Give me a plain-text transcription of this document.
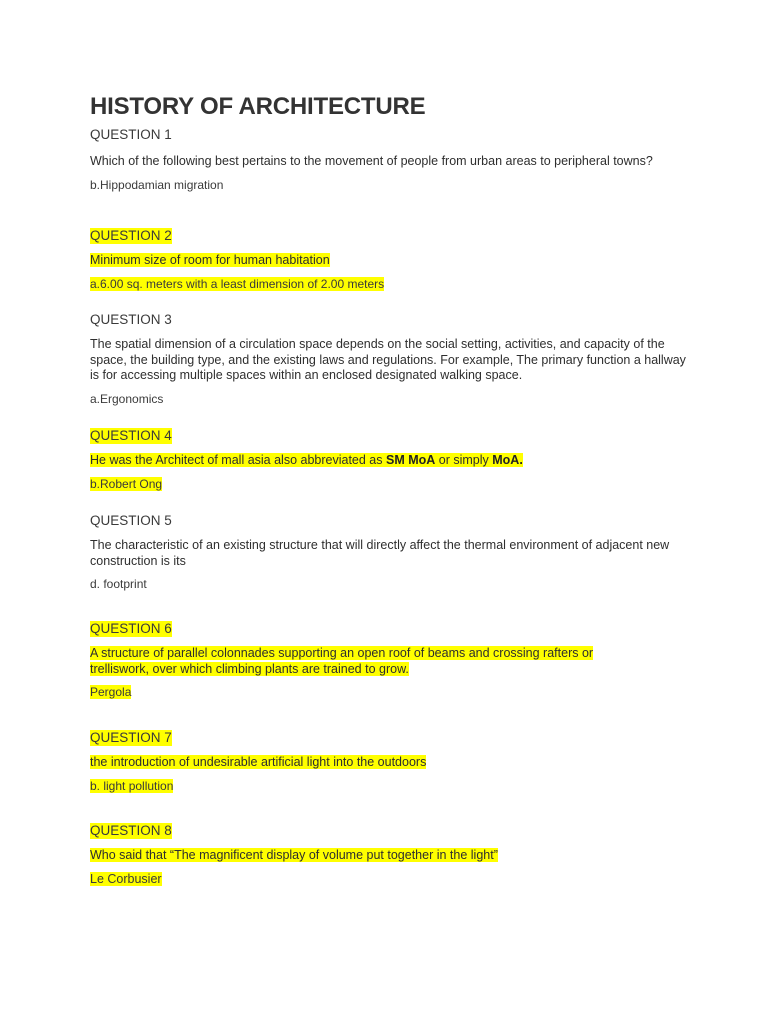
HISTORY OF ARCHITECTURE
QUESTION 1

Which of the following best pertains to the movement of people from urban areas to peripheral towns?

b.Hippodamian migration

QUESTION 2

Minimum size of room for human habitation

a.6.00 sq. meters with a least dimension of 2.00 meters

QUESTION 3

The spatial dimension of a circulation space depends on the social setting, activities, and capacity of the space, the building type, and the existing laws and regulations. For example, The primary function a hallway is for accessing multiple spaces within an enclosed designated walking space.

a.Ergonomics

QUESTION 4

He was the Architect of mall asia also abbreviated as SM MoA or simply MoA.

b.Robert Ong

QUESTION 5

The characteristic of an existing structure that will directly affect the thermal environment of adjacent new construction is its

d. footprint

QUESTION 6

A structure of parallel colonnades supporting an open roof of beams and crossing rafters or trelliswork, over which climbing plants are trained to grow.

Pergola

QUESTION 7

the introduction of undesirable artificial light into the outdoors

b. light pollution

QUESTION 8

Who said that “The magnificent display of volume put together in the light”

Le Corbusier
